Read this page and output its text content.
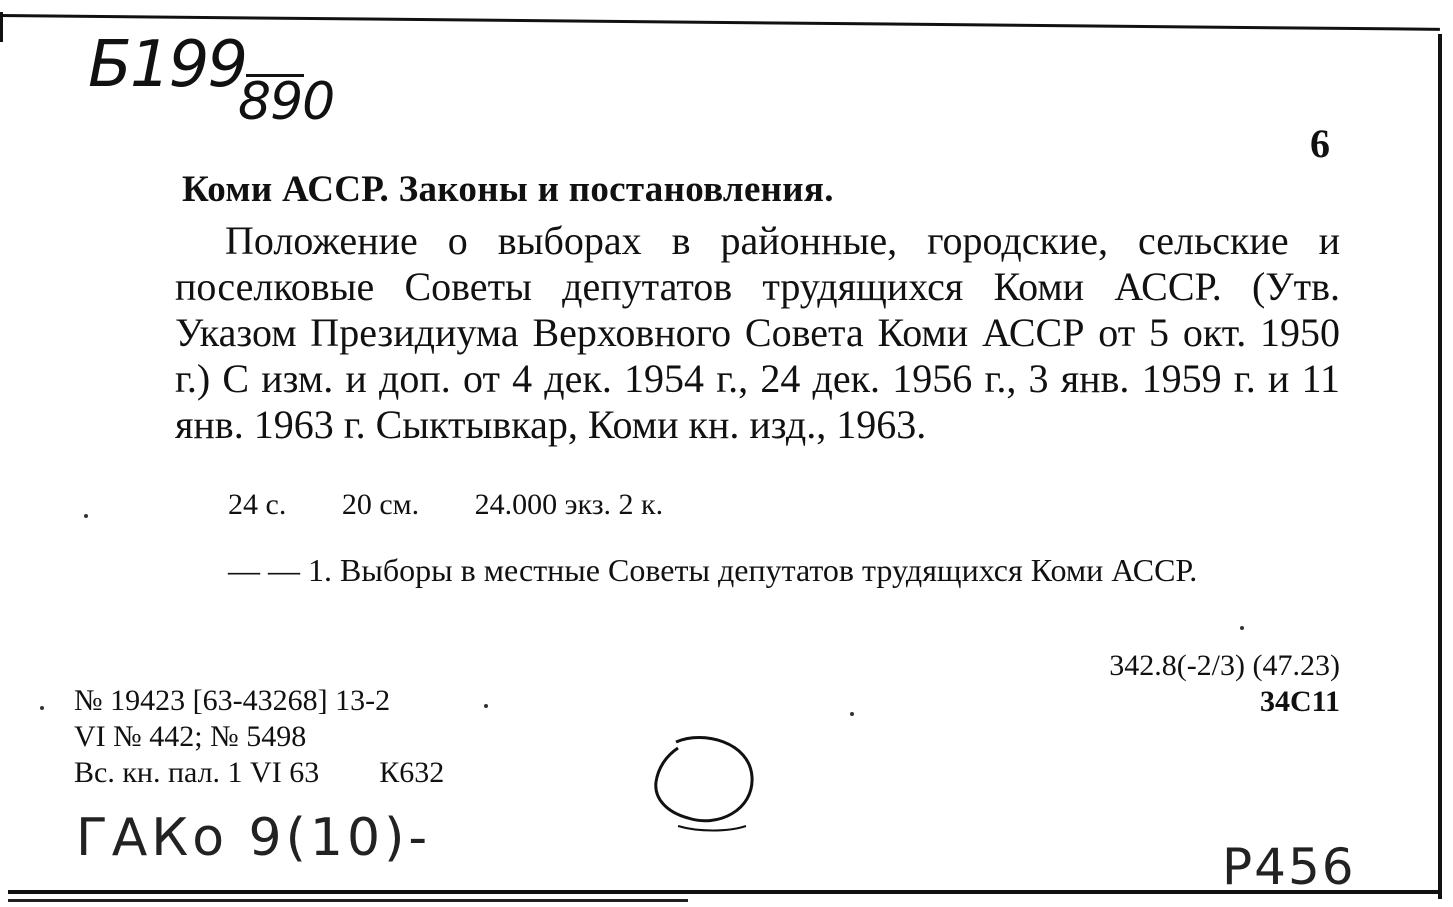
Б199
890
6
Коми АССР. Законы и постановления.

Положение о выборах в районные, городские, сельские и поселковые Советы депутатов трудящихся Коми АССР. (Утв. Указом Президиума Верховного Совета Коми АССР от 5 окт. 1950 г.) С изм. и доп. от 4 дек. 1954 г., 24 дек. 1956 г., 3 янв. 1959 г. и 11 янв. 1963 г. Сыктывкар, Коми кн. изд., 1963.

24 с. 20 см. 24.000 экз. 2 к.

— — 1. Выборы в местные Советы депутатов трудящихся Коми АССР.

342.8(-2/3) (47.23)
34С11
№ 19423 [63-43268] 13-2
VI № 442; № 5498
Вс. кн. пал. 1 VI 63 К632
ГАКо 9(10)-	Р456
